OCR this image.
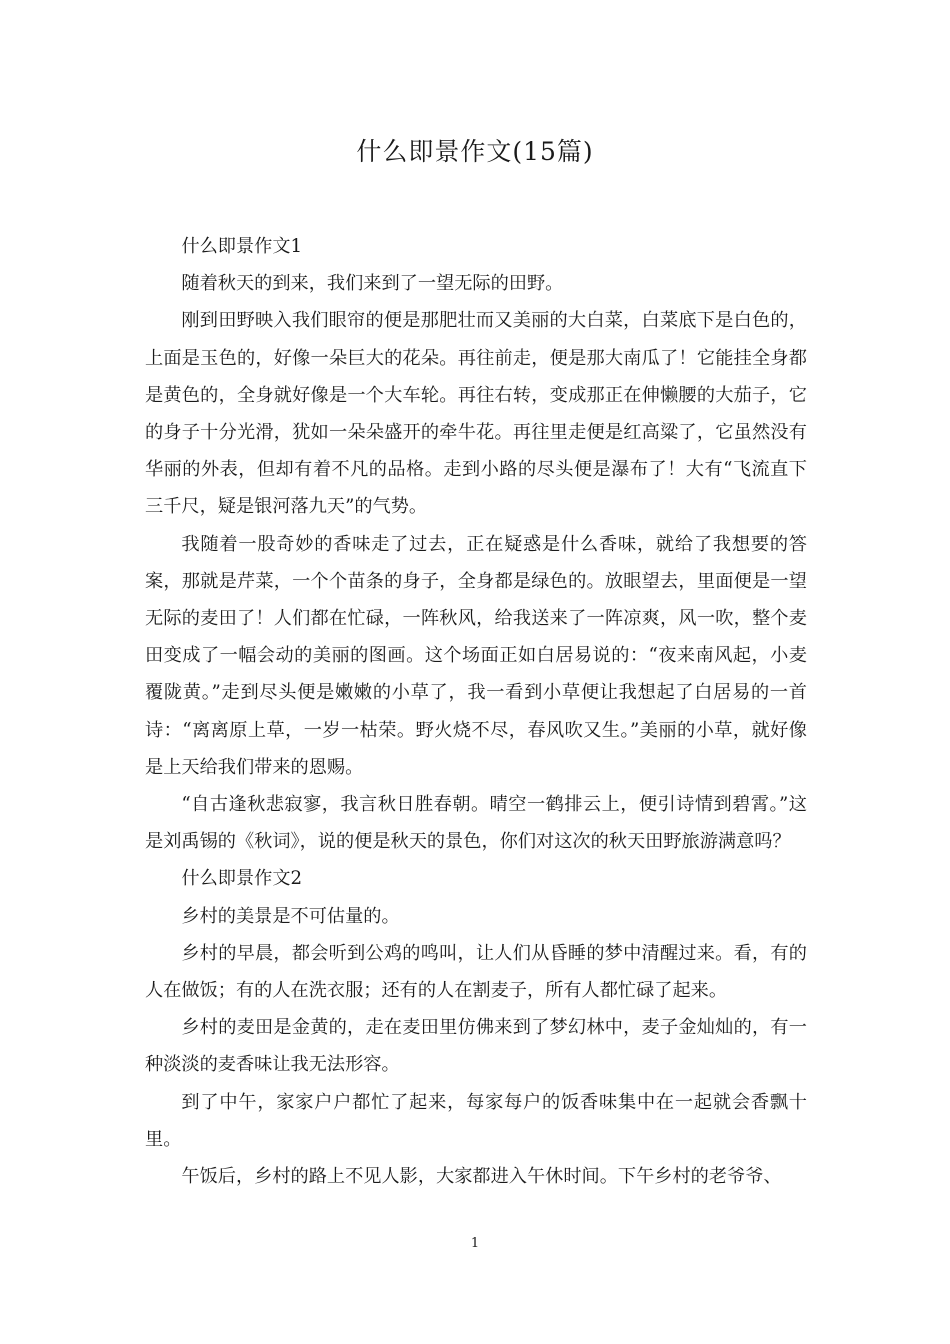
什么即景作文(15篇)

什么即景作文1

随着秋天的到来，我们来到了一望无际的田野。

刚到田野映入我们眼帘的便是那肥壮而又美丽的大白菜，白菜底下是白色的，上面是玉色的，好像一朵巨大的花朵。再往前走，便是那大南瓜了！它能挂全身都是黄色的，全身就好像是一个大车轮。再往右转，变成那正在伸懒腰的大茄子，它的身子十分光滑，犹如一朵朵盛开的牵牛花。再往里走便是红高粱了，它虽然没有华丽的外表，但却有着不凡的品格。走到小路的尽头便是瀑布了！大有“飞流直下三千尺，疑是银河落九天”的气势。

我随着一股奇妙的香味走了过去，正在疑惑是什么香味，就给了我想要的答案，那就是芹菜，一个个苗条的身子，全身都是绿色的。放眼望去，里面便是一望无际的麦田了！人们都在忙碌，一阵秋风，给我送来了一阵凉爽，风一吹，整个麦田变成了一幅会动的美丽的图画。这个场面正如白居易说的：“夜来南风起，小麦覆陇黄。”走到尽头便是嫩嫩的小草了，我一看到小草便让我想起了白居易的一首诗：“离离原上草，一岁一枯荣。野火烧不尽，春风吹又生。”美丽的小草，就好像是上天给我们带来的恩赐。

“自古逢秋悲寂寥，我言秋日胜春朝。晴空一鹤排云上，便引诗情到碧霄。”这是刘禹锡的《秋词》，说的便是秋天的景色，你们对这次的秋天田野旅游满意吗？

什么即景作文2

乡村的美景是不可估量的。

乡村的早晨，都会听到公鸡的鸣叫，让人们从昏睡的梦中清醒过来。看，有的人在做饭；有的人在洗衣服；还有的人在割麦子，所有人都忙碌了起来。

乡村的麦田是金黄的，走在麦田里仿佛来到了梦幻林中，麦子金灿灿的，有一种淡淡的麦香味让我无法形容。

到了中午，家家户户都忙了起来，每家每户的饭香味集中在一起就会香飘十里。

午饭后，乡村的路上不见人影，大家都进入午休时间。下午乡村的老爷爷、

1
